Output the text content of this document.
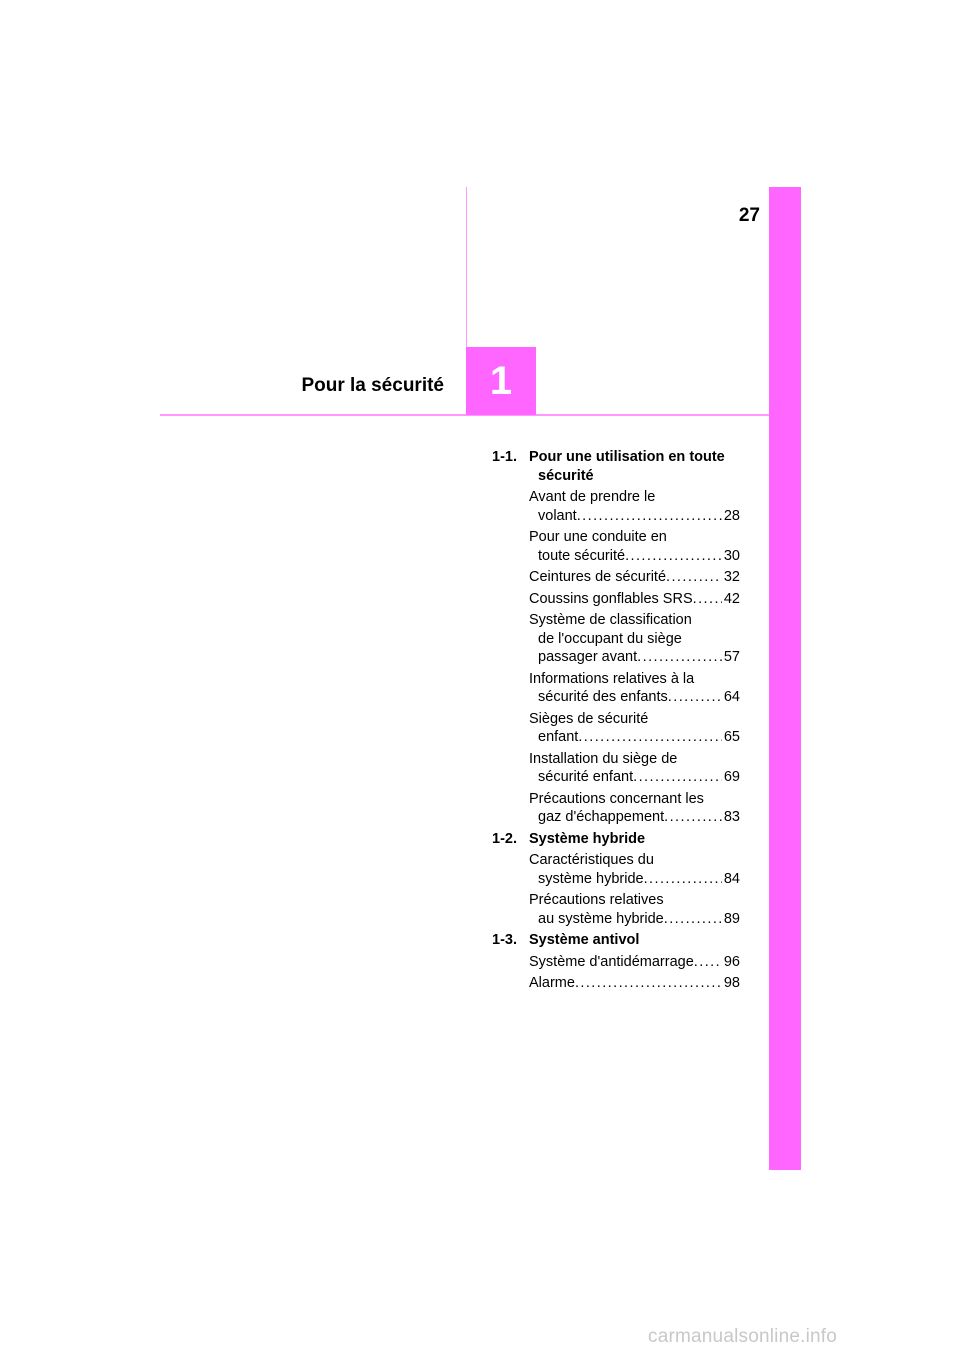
27
1
Pour la sécurité
1-1. Pour une utilisation en toute sécurité
Avant de prendre le
volant . . .	28
Pour une conduite en
toute sécurité . . .	30
Ceintures de sécurité . . .	32
Coussins gonflables SRS . . . 42
Système de classification
de l'occupant du siège
passager avant . . .	57
Informations relatives à la
sécurité des enfants . . .	64
Sièges de sécurité
enfant . . .	65
Installation du siège de
sécurité enfant . . .	69
Précautions concernant les
gaz d'échappement . . .	83
1-2. Système hybride
Caractéristiques du
système hybride . . .	84
Précautions relatives
au système hybride . . .	89
1-3. Système antivol
Système d'antidémarrage . . . 96
Alarme . . .	98
carmanualsonline.info
